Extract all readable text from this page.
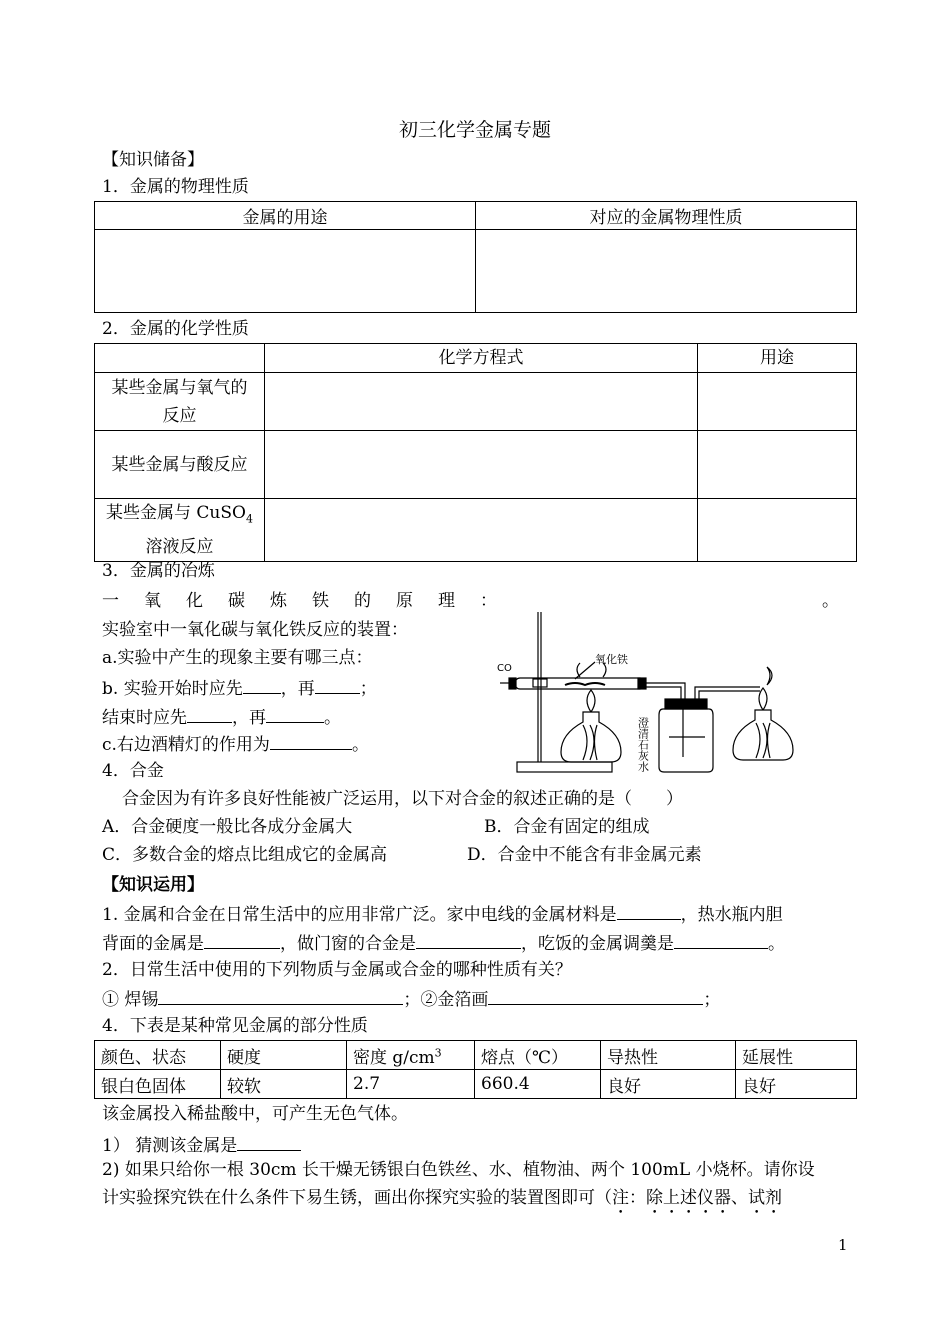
初三化学金属专题
【知识储备】
1．金属的物理性质
金属的用途	对应的金属物理性质

2．金属的化学性质
	化学方程式	用途
某些金属与氧气的反应		
某些金属与酸反应		
某些金属与 CuSO$_4$
溶液反应		
3．金属的冶炼
一氧化碳炼铁的原理：	。
实验室中一氧化碳与氧化铁反应的装置：
a.实验中产生的现象主要有哪三点：
b. 实验开始时应先 ，再	；
结束时应先	，再	。
c.右边酒精灯的作用为	。
CO
氧化铁
澄清石灰水
4．合金
合金因为有许多良好性能被广泛运用，以下对合金的叙述正确的是（　　）
A．合金硬度一般比各成分金属大	B．合金有固定的组成
C．多数合金的熔点比组成它的金属高	D．合金中不能含有非金属元素
【知识运用】
1. 金属和合金在日常生活中的应用非常广泛。家中电线的金属材料是	，热水瓶内胆
背面的金属是	，做门窗的合金是	，吃饭的金属调羹是	。
2．日常生活中使用的下列物质与金属或合金的哪种性质有关？
① 焊锡	；②金箔画	；
4．下表是某种常见金属的部分性质
颜色、状态	硬度	密度 $g/cm^3$	熔点（℃）	导热性	延展性
银白色固体	较软	2.7	660.4	良好	良好
该金属投入稀盐酸中，可产生无色气体。
1） 猜测该金属是
2) 如果只给你一根 30cm 长干燥无锈银白色铁丝、水、植物油、两个 100mL 小烧杯。请你设
计实验探究铁在什么条件下易生锈，画出你探究实验的装置图即可（注：除上述仪器、试剂
1
